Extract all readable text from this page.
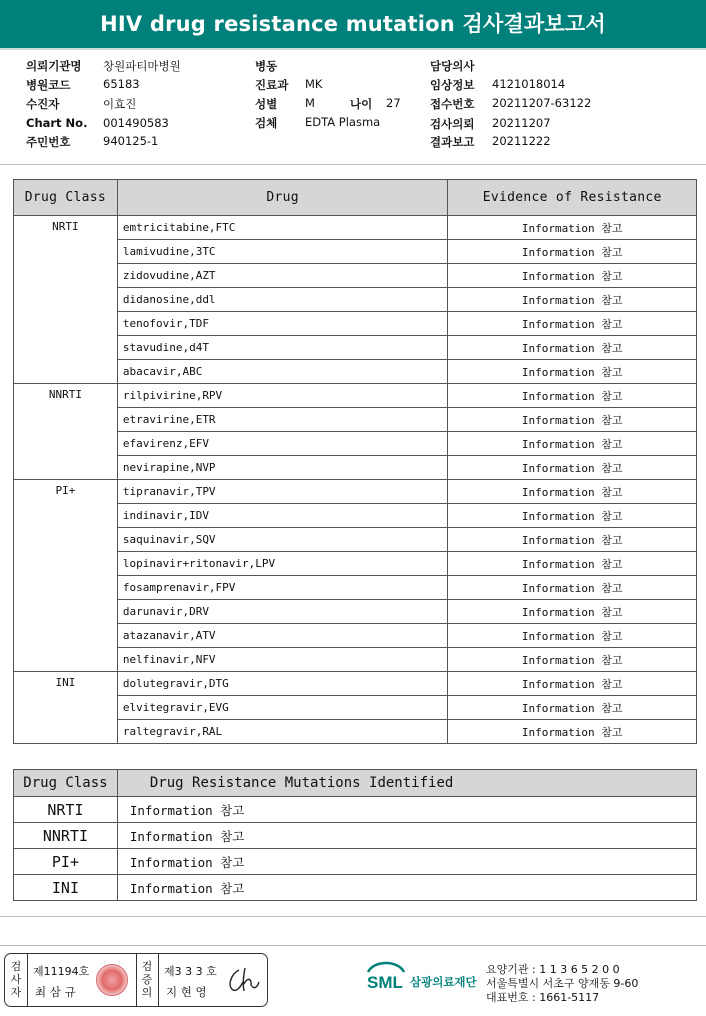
HIV drug resistance mutation 검사결과보고서
의뢰기관명 창원파티마병원
병원코드	65183
수진자	이효진
Chart No. 001490583
주민번호	940125-1
병동
진료과 MK
성별 M	나이 27
검체 EDTA Plasma
담당의사
임상정보 4121018014
접수번호 20211207-63122
검사의뢰 20211207
결과보고 20211222
Drug Class	Drug	Evidence of Resistance
NRTI	emtricitabine,FTC	Information 참고
	lamivudine,3TC	Information 참고
	zidovudine,AZT	Information 참고
	didanosine,ddl	Information 참고
	tenofovir,TDF	Information 참고
	stavudine,d4T	Information 참고
	abacavir,ABC	Information 참고
NNRTI	rilpivirine,RPV	Information 참고
	etravirine,ETR	Information 참고
	efavirenz,EFV	Information 참고
	nevirapine,NVP	Information 참고
PI+	tipranavir,TPV	Information 참고
	indinavir,IDV	Information 참고
	saquinavir,SQV	Information 참고
	lopinavir+ritonavir,LPV	Information 참고
	fosamprenavir,FPV	Information 참고
	darunavir,DRV	Information 참고
	atazanavir,ATV	Information 참고
	nelfinavir,NFV	Information 참고
INI	dolutegravir,DTG	Information 참고
	elvitegravir,EVG	Information 참고
	raltegravir,RAL	Information 참고
Drug Class	Drug Resistance Mutations Identified
NRTI	Information 참고
NNRTI	Information 참고
PI+	Information 참고
INI	Information 참고
검
사
자
제11194호
최 삼 규
검
증
의
제3 3 3 호
지 현 영	SML 삼광의료재단
요양기관 : 1 1 3 6 5 2 0 0
서울특별시 서초구 양재동 9-60
대표번호 : 1661-5117
